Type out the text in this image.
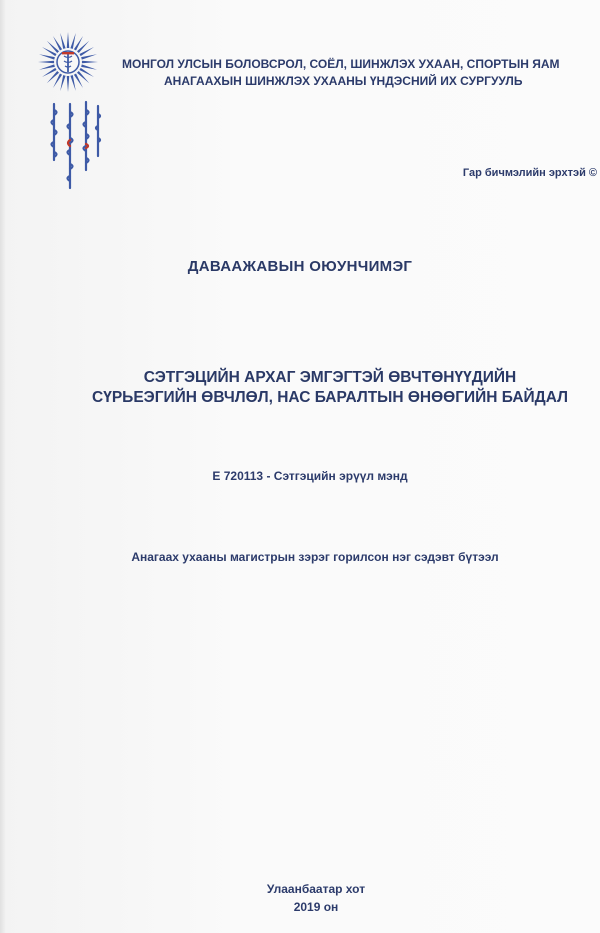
МОНГОЛ УЛСЫН БОЛОВСРОЛ, СОЁЛ, ШИНЖЛЭХ УХААН, СПОРТЫН ЯАМ
АНАГААХЫН ШИНЖЛЭХ УХААНЫ ҮНДЭСНИЙ ИХ СУРГУУЛЬ
Гар бичмэлийн эрхтэй ©
ДАВААЖАВЫН ОЮУНЧИМЭГ
СЭТГЭЦИЙН АРХАГ ЭМГЭГТЭЙ ӨВЧТӨНҮҮДИЙН
СҮРЬЕЭГИЙН ӨВЧЛӨЛ, НАС БАРАЛТЫН ӨНӨӨГИЙН БАЙДАЛ
Е 720113 - Сэтгэцийн эрүүл мэнд
Анагаах ухааны магистрын зэрэг горилсон нэг сэдэвт бүтээл
Улаанбаатар хот
2019 он
